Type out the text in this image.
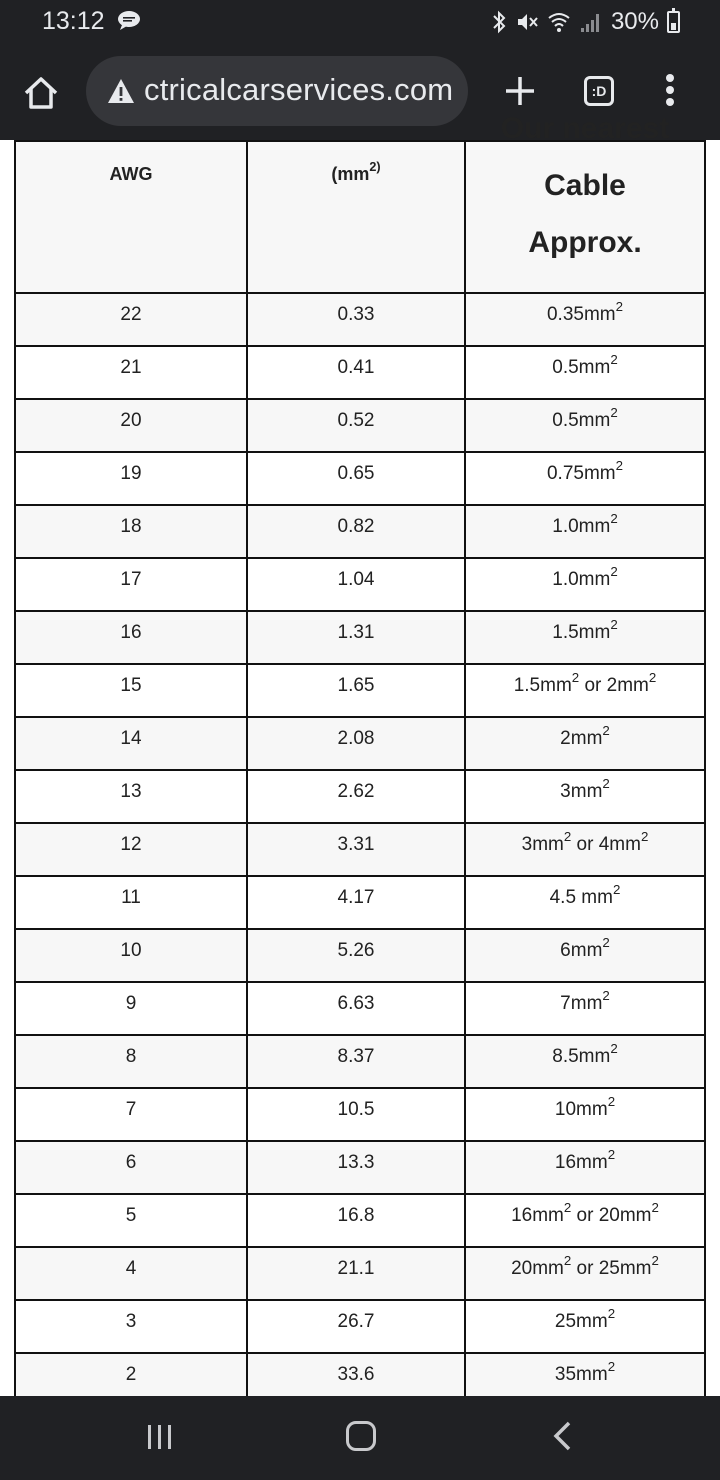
13:12	30%
ctricalcarservices.com	:D
AWG	($mm^{2)}$	Our nearest
Cable
Approx.

22	0.33	$0.35mm^2$
21	0.41	$0.5mm^2$
20	0.52	$0.5mm^2$
19	0.65	$0.75mm^2$
18	0.82	$1.0mm^2$
17	1.04	$1.0mm^2$
16	1.31	$1.5mm^2$
15	1.65	$1.5mm^2$ or $2mm^2$
14	2.08	$2mm^2$
13	2.62	$3mm^2$
12	3.31	$3mm^2$ or $4mm^2$
11	4.17	4.5 $mm^2$
10	5.26	$6mm^2$
9	6.63	$7mm^2$
8	8.37	$8.5mm^2$
7	10.5	$10mm^2$
6	13.3	$16mm^2$
5	16.8	$16mm^2$ or $20mm^2$
4	21.1	$20mm^2$ or $25mm^2$
3	26.7	$25mm^2$
2	33.6	$35mm^2$
